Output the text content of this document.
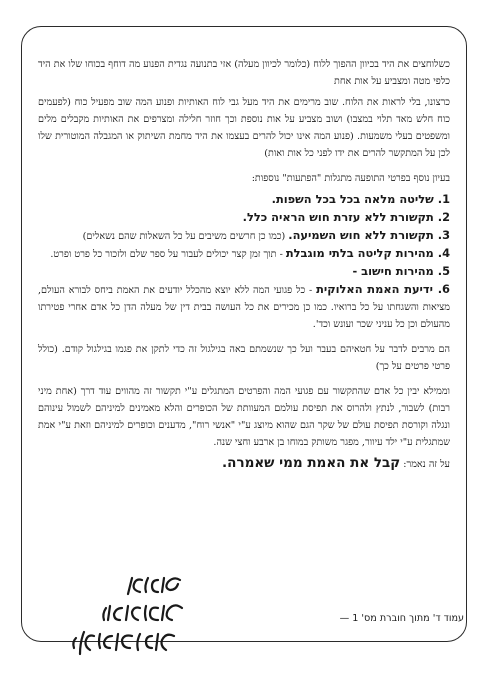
כשלוחצים את היד בכיוון ההפוך ללוח (כלומר לכיוון מעלה) אזי בתנועה נגדית הפנוע מה דוחף בכוחו שלו את היד כלפי מטה ומצביע על אות אחת

כרצונו, בלי לראות את הלוח. שוב מרימים את היד מעל גבי לוח האותיות ופנוע המה שוב מפעיל כוח (לפעמים כוח חלש מאד תלוי במצבו) ושוב מצביע על אות נוספת וכך חוזר חלילה ומצרפים את האותיות מקבלים מלים ומשפטים בעלי משמעות. (פנוע המה אינו יכול להרים בעצמו את היד מחמת השיתוק או המגבלה המוטורית שלו לכן על המתקשר להרים את ידו לפני כל אות ואות)

בעיון נוסף בפרטי התופעה מתגלות "הפתעות" נוספות:

1. שליטה מלאה בכל בכל השפות.

2. תקשורת ללא עזרת חוש הראיה כלל.

3. תקשורת ללא חוש השמיעה. (כמו כן חרשים משיבים על כל השאלות שהם נשאלים)

4. מהירות קליטה בלתי מוגבלת - תוך זמן קצר יכולים לעבור על ספר שלם ולזכור כל פרט ופרט.

5. מהירות חישוב -

6. ידיעת האמת האלוקית - כל פגועי המה ללא יוצא מהכלל יודעים את האמת ביחס לבורא העולם, מציאות והשגחתו על כל ברואיו. כמו כן מכירים את כל העושה בבית דין של מעלה הדן כל אדם אחרי פטירתו מהעולם וכן כל עניני שכר ועונש וכד'.

הם מרבים לדבר על חטאיהם בעבר ועל כך שנשמתם באה בגילגול זה כדי לתקן את פגמו בגילגול קודם. (כולל פרטי פרטים על כך)

וממילא יבין כל אדם שהתקשור עם פגועי המה והפרטים המתגלים ע"י תקשור זה מהווים עוד דרך (אחת מיני רבות) לשבור, לנתץ ולהרוס את תפיסת עולמם המעוותת של הכופרים והלא מאמינים למיניהם לשמול עינוהם ונגלה וקורסת תפיסת עולם של שקר הגם שהוא מיוצג ע"י "אנשי רוח", מדענים וכופרים למיניהם וזאת ע"י אמת שמתגלית ע"י ילד עיוור, מפגר משותק במוחו בן ארבע וחצי שנה.

על זה נאמר: קבל את האמת ממי שאמרה.

עמוד ד' מתוך חוברת מס' 1 —
